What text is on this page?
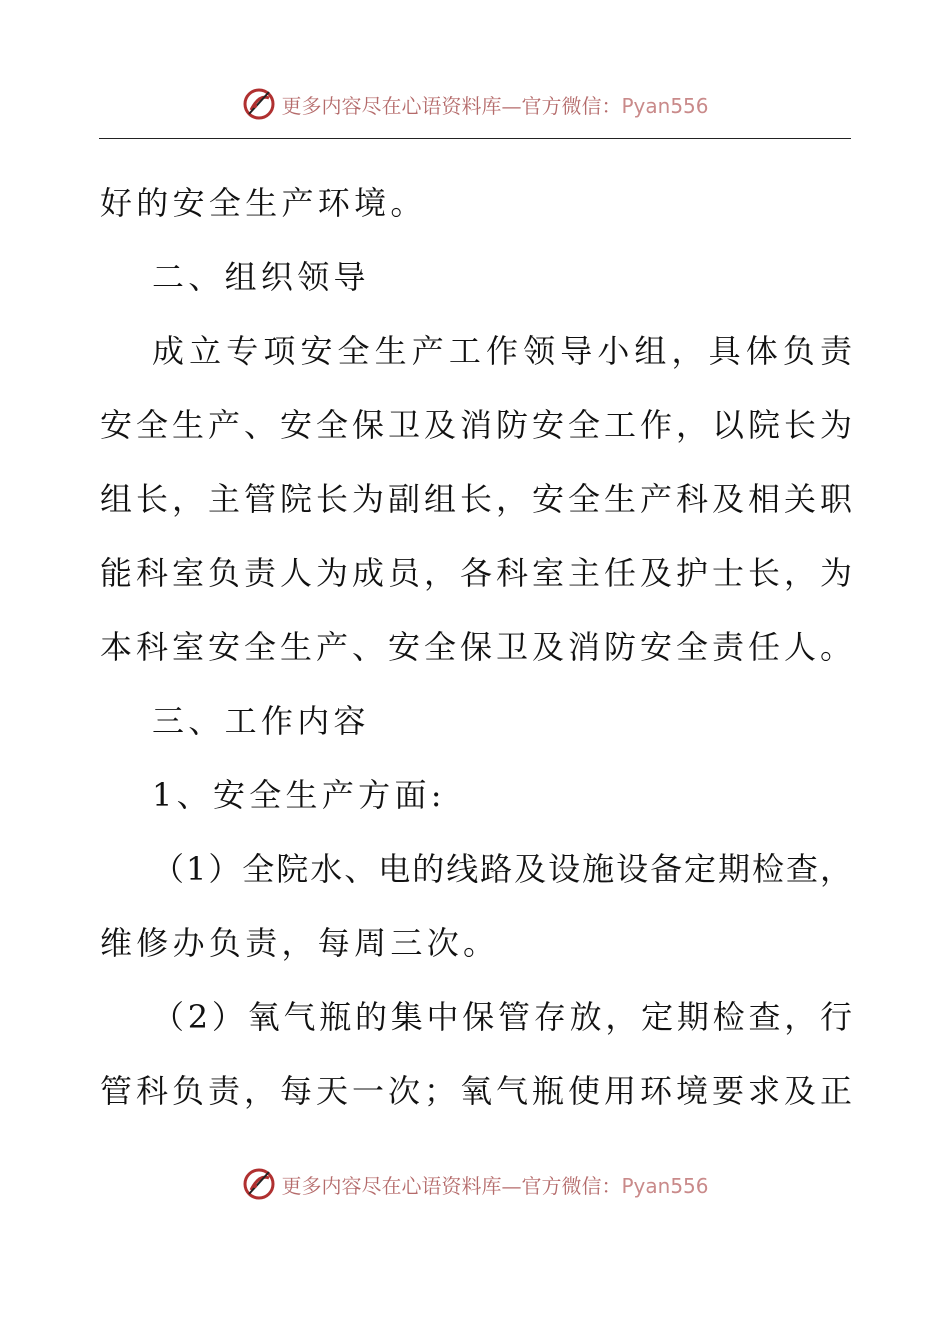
更多内容尽在心语资料库—官方微信：Pyan556
好的安全生产环境。
二、组织领导
成立专项安全生产工作领导小组，具体负责
安全生产、安全保卫及消防安全工作，以院长为
组长，主管院长为副组长，安全生产科及相关职
能科室负责人为成员，各科室主任及护士长，为
本科室安全生产、安全保卫及消防安全责任人。
三、工作内容
1、安全生产方面:
（1）全院水、电的线路及设施设备定期检查，
维修办负责，每周三次。
（2）氧气瓶的集中保管存放，定期检查，行
管科负责，每天一次；氧气瓶使用环境要求及正
更多内容尽在心语资料库—官方微信：Pyan556
